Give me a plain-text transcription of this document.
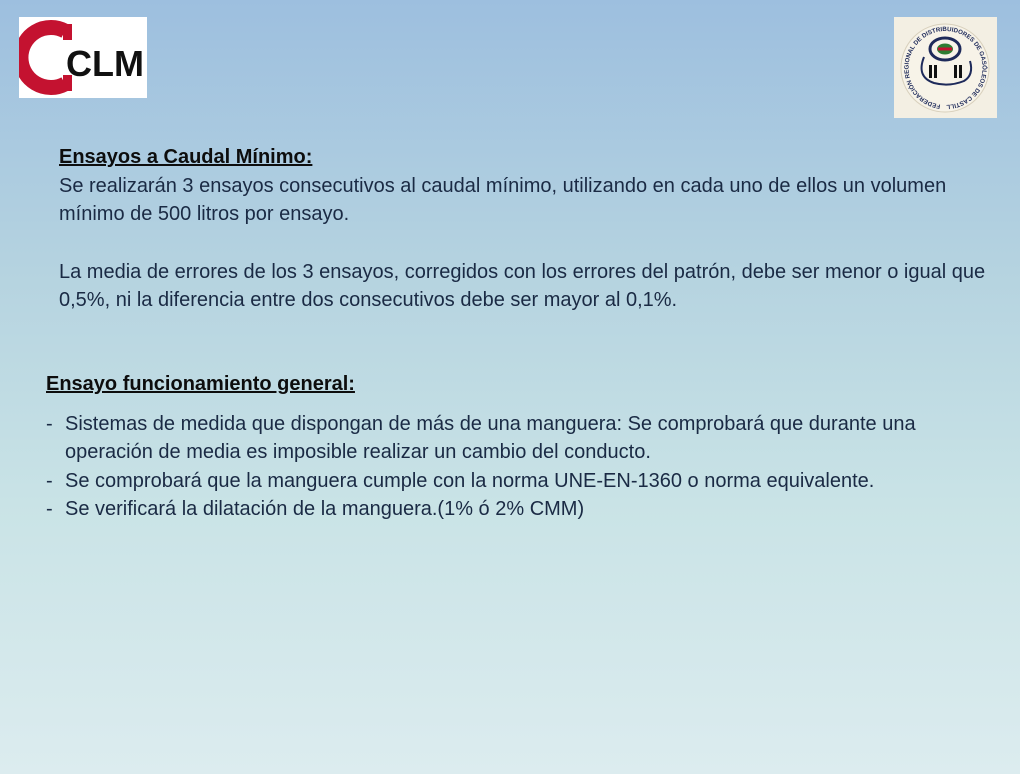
CLM
FEDERACIÓN REGIONAL DE DISTRIBUIDORES DE GASÓLEOS DE CASTILL
Ensayos a Caudal Mínimo:

Se realizarán 3 ensayos consecutivos al caudal mínimo, utilizando en cada uno de ellos un volumen mínimo de 500 litros por ensayo.

La media de errores de los 3 ensayos, corregidos con los errores del patrón, debe ser menor o igual que 0,5%, ni la diferencia entre dos consecutivos debe ser mayor al 0,1%.

Ensayo funcionamiento general:
- Sistemas de medida que dispongan de más de una manguera: Se comprobará que durante una operación de media es imposible realizar un cambio del conducto.
- Se comprobará que la manguera cumple con la norma UNE-EN-1360 o norma equivalente.
- Se verificará la dilatación de la manguera.(1% ó 2% CMM)
